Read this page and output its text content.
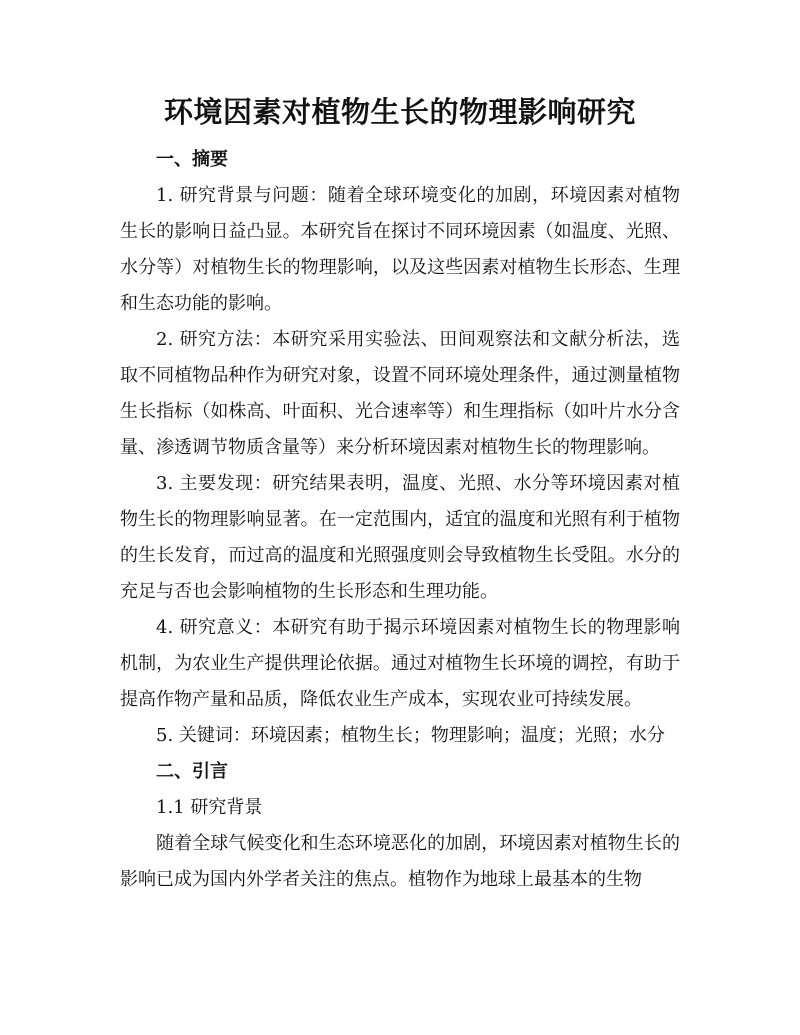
环境因素对植物生长的物理影响研究

一、摘要

1. 研究背景与问题：随着全球环境变化的加剧，环境因素对植物生长的影响日益凸显。本研究旨在探讨不同环境因素（如温度、光照、水分等）对植物生长的物理影响，以及这些因素对植物生长形态、生理和生态功能的影响。

2. 研究方法：本研究采用实验法、田间观察法和文献分析法，选取不同植物品种作为研究对象，设置不同环境处理条件，通过测量植物生长指标（如株高、叶面积、光合速率等）和生理指标（如叶片水分含量、渗透调节物质含量等）来分析环境因素对植物生长的物理影响。

3. 主要发现：研究结果表明，温度、光照、水分等环境因素对植物生长的物理影响显著。在一定范围内，适宜的温度和光照有利于植物的生长发育，而过高的温度和光照强度则会导致植物生长受阻。水分的充足与否也会影响植物的生长形态和生理功能。

4. 研究意义：本研究有助于揭示环境因素对植物生长的物理影响机制，为农业生产提供理论依据。通过对植物生长环境的调控，有助于提高作物产量和品质，降低农业生产成本，实现农业可持续发展。

5. 关键词：环境因素；植物生长；物理影响；温度；光照；水分

二、引言

1.1 研究背景

随着全球气候变化和生态环境恶化的加剧，环境因素对植物生长的影响已成为国内外学者关注的焦点。植物作为地球上最基本的生物
